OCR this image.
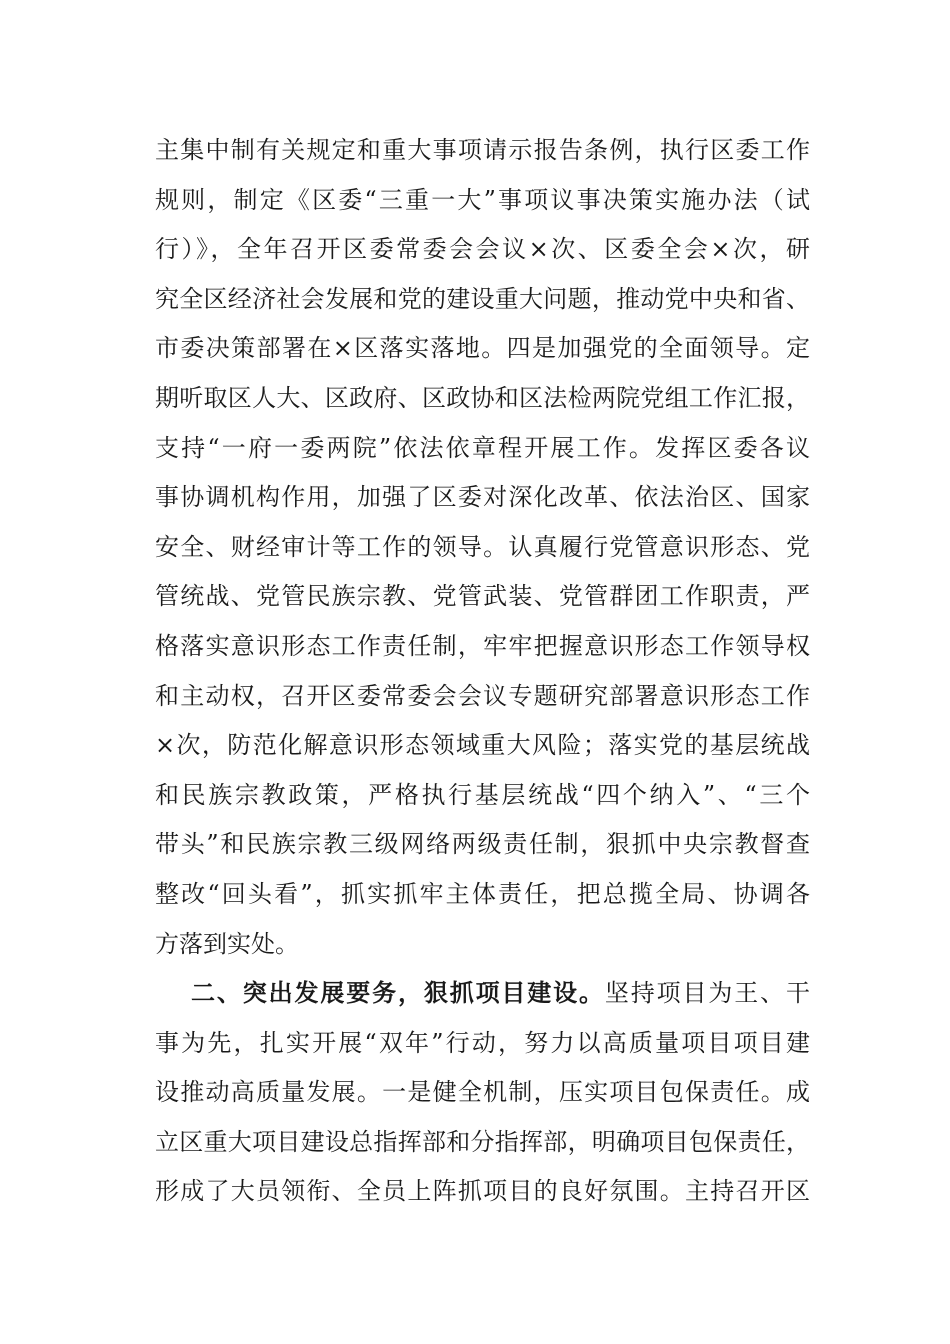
主集中制有关规定和重大事项请示报告条例，执行区委工作
规则，制定《区委“三重一大”事项议事决策实施办法（试
行）》，全年召开区委常委会会议×次、区委全会×次，研
究全区经济社会发展和党的建设重大问题，推动党中央和省、
市委决策部署在×区落实落地。四是加强党的全面领导。定
期听取区人大、区政府、区政协和区法检两院党组工作汇报，
支持“一府一委两院”依法依章程开展工作。发挥区委各议
事协调机构作用，加强了区委对深化改革、依法治区、国家
安全、财经审计等工作的领导。认真履行党管意识形态、党
管统战、党管民族宗教、党管武装、党管群团工作职责，严
格落实意识形态工作责任制，牢牢把握意识形态工作领导权
和主动权，召开区委常委会会议专题研究部署意识形态工作
×次，防范化解意识形态领域重大风险；落实党的基层统战
和民族宗教政策，严格执行基层统战“四个纳入”、“三个
带头”和民族宗教三级网络两级责任制，狠抓中央宗教督查
整改“回头看”，抓实抓牢主体责任，把总揽全局、协调各
方落到实处。
二、突出发展要务，狠抓项目建设。坚持项目为王、干
事为先，扎实开展“双年”行动，努力以高质量项目项目建
设推动高质量发展。一是健全机制，压实项目包保责任。成
立区重大项目建设总指挥部和分指挥部，明确项目包保责任，
形成了大员领衔、全员上阵抓项目的良好氛围。主持召开区
